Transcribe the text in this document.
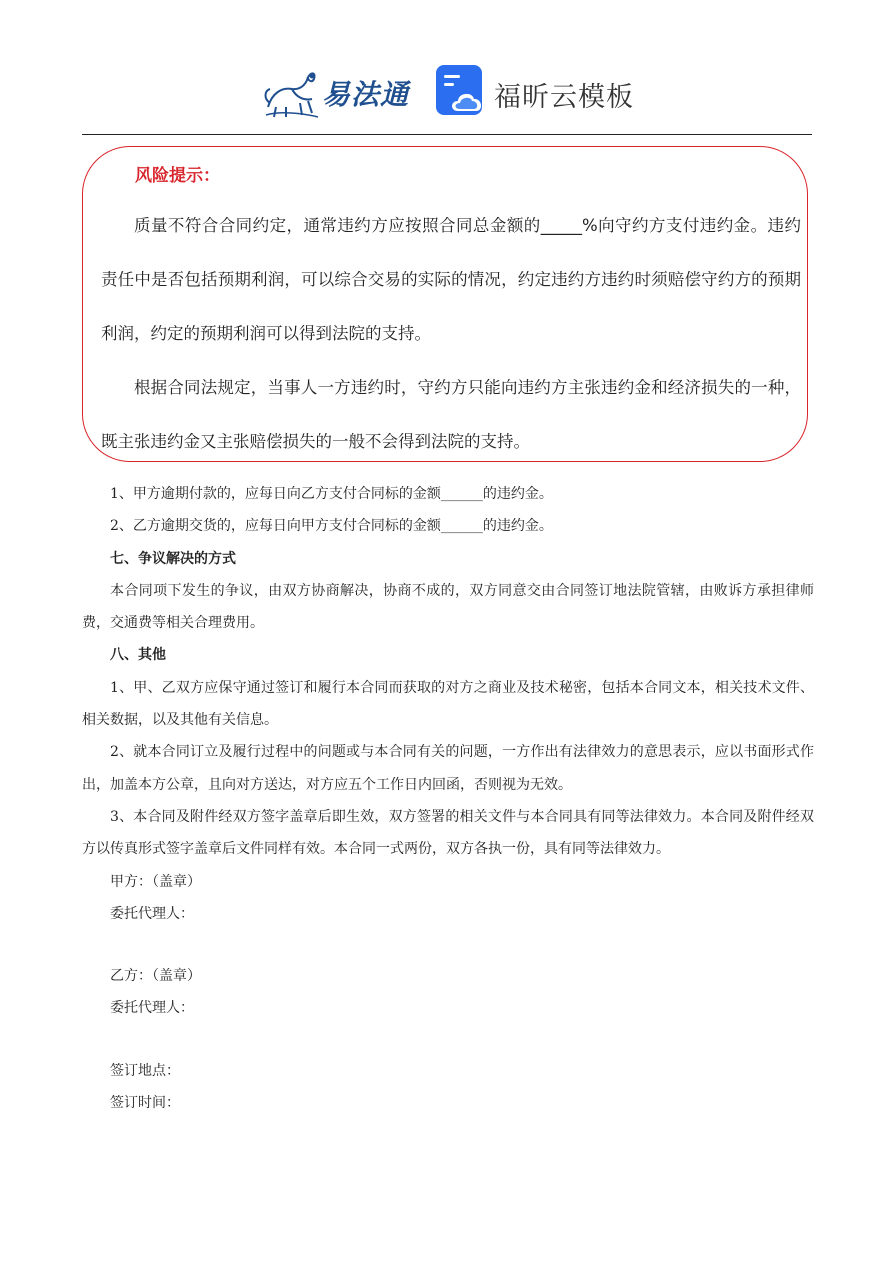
易法通	福昕云模板
风险提示：

质量不符合合同约定，通常违约方应按照合同总金额的_____%向守约方支付违约金。违约责任中是否包括预期利润，可以综合交易的实际的情况，约定违约方违约时须赔偿守约方的预期利润，约定的预期利润可以得到法院的支持。

根据合同法规定，当事人一方违约时，守约方只能向违约方主张违约金和经济损失的一种，既主张违约金又主张赔偿损失的一般不会得到法院的支持。

1、甲方逾期付款的，应每日向乙方支付合同标的金额______的违约金。

2、乙方逾期交货的，应每日向甲方支付合同标的金额______的违约金。

七、争议解决的方式

本合同项下发生的争议，由双方协商解决，协商不成的，双方同意交由合同签订地法院管辖，由败诉方承担律师费，交通费等相关合理费用。

八、其他

1、甲、乙双方应保守通过签订和履行本合同而获取的对方之商业及技术秘密，包括本合同文本，相关技术文件、相关数据，以及其他有关信息。

2、就本合同订立及履行过程中的问题或与本合同有关的问题，一方作出有法律效力的意思表示，应以书面形式作出，加盖本方公章，且向对方送达，对方应五个工作日内回函，否则视为无效。

3、本合同及附件经双方签字盖章后即生效，双方签署的相关文件与本合同具有同等法律效力。本合同及附件经双方以传真形式签字盖章后文件同样有效。本合同一式两份，双方各执一份，具有同等法律效力。

甲方：（盖章）

委托代理人：

乙方：（盖章）

委托代理人：

签订地点：

签订时间：
